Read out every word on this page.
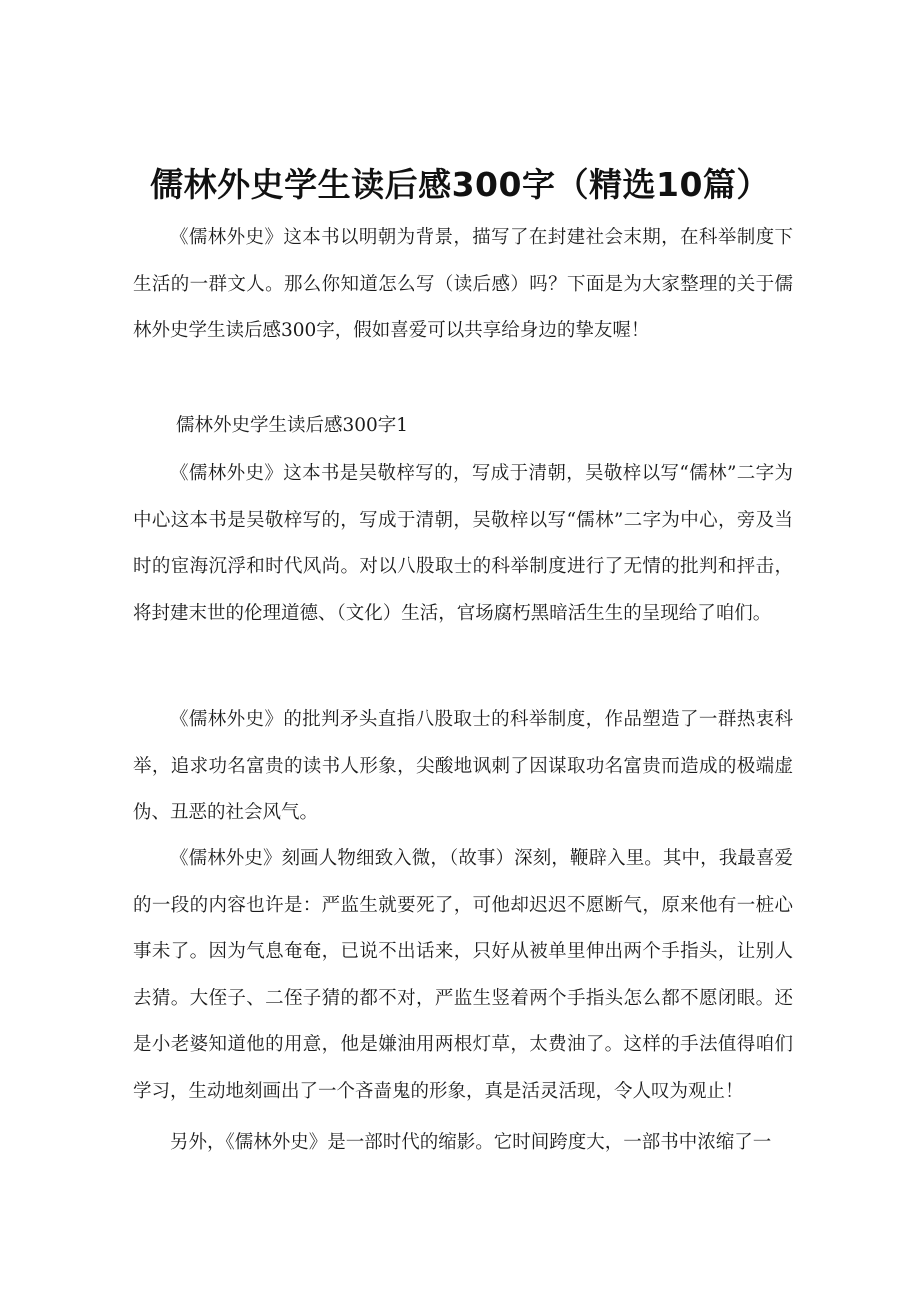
儒林外史学生读后感300字（精选10篇）

《儒林外史》这本书以明朝为背景，描写了在封建社会末期，在科举制度下生活的一群文人。那么你知道怎么写（读后感）吗？下面是为大家整理的关于儒林外史学生读后感300字，假如喜爱可以共享给身边的挚友喔！

儒林外史学生读后感300字1

《儒林外史》这本书是吴敬梓写的，写成于清朝，吴敬梓以写“儒林”二字为中心这本书是吴敬梓写的，写成于清朝，吴敬梓以写“儒林”二字为中心，旁及当时的宦海沉浮和时代风尚。对以八股取士的科举制度进行了无情的批判和抨击，将封建末世的伦理道德、（文化）生活，官场腐朽黑暗活生生的呈现给了咱们。

《儒林外史》的批判矛头直指八股取士的科举制度，作品塑造了一群热衷科举，追求功名富贵的读书人形象，尖酸地讽刺了因谋取功名富贵而造成的极端虚伪、丑恶的社会风气。

《儒林外史》刻画人物细致入微，（故事）深刻，鞭辟入里。其中，我最喜爱的一段的内容也许是：严监生就要死了，可他却迟迟不愿断气，原来他有一桩心事未了。因为气息奄奄，已说不出话来，只好从被单里伸出两个手指头，让别人去猜。大侄子、二侄子猜的都不对，严监生竖着两个手指头怎么都不愿闭眼。还是小老婆知道他的用意，他是嫌油用两根灯草，太费油了。这样的手法值得咱们学习，生动地刻画出了一个吝啬鬼的形象，真是活灵活现，令人叹为观止！

另外，《儒林外史》是一部时代的缩影。它时间跨度大，一部书中浓缩了一
